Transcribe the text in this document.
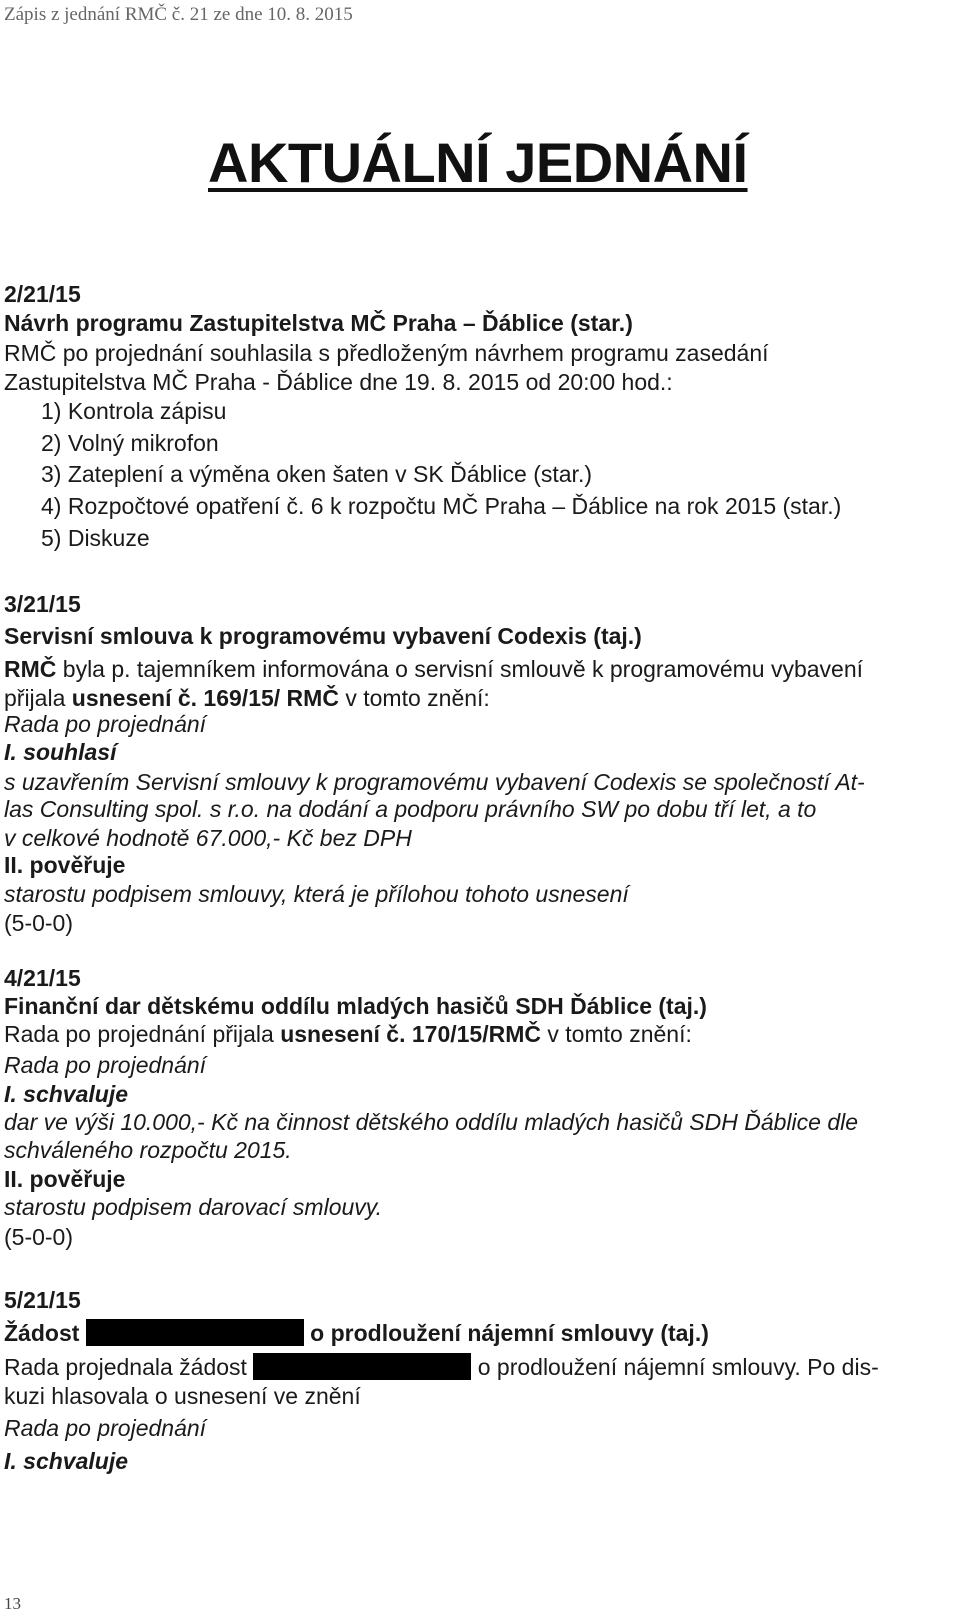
Zápis z jednání RMČ č. 21 ze dne 10. 8. 2015
AKTUÁLNÍ JEDNÁNÍ
2/21/15
Návrh programu Zastupitelstva MČ Praha – Ďáblice (star.)
RMČ po projednání souhlasila s předloženým návrhem programu zasedání
Zastupitelstva MČ Praha - Ďáblice dne 19. 8. 2015 od 20:00 hod.:
1) Kontrola zápisu
2) Volný mikrofon
3) Zateplení a výměna oken šaten v SK Ďáblice (star.)
4) Rozpočtové opatření č. 6 k rozpočtu MČ Praha – Ďáblice na rok 2015 (star.)
5) Diskuze
3/21/15
Servisní smlouva k programovému vybavení Codexis (taj.)
RMČ byla p. tajemníkem informována o servisní smlouvě k programovému vybavení
přijala usnesení č. 169/15/ RMČ v tomto znění:
Rada po projednání
I. souhlasí
s uzavřením Servisní smlouvy k programovému vybavení Codexis se společností At-
las Consulting spol. s r.o. na dodání a podporu právního SW po dobu tří let, a to
v celkové hodnotě 67.000,- Kč bez DPH
II. pověřuje
starostu podpisem smlouvy, která je přílohou tohoto usnesení
(5-0-0)
4/21/15
Finanční dar dětskému oddílu mladých hasičů SDH Ďáblice (taj.)
Rada po projednání přijala usnesení č. 170/15/RMČ v tomto znění:
Rada po projednání
I. schvaluje
dar ve výši 10.000,- Kč na činnost dětského oddílu mladých hasičů SDH Ďáblice dle
schváleného rozpočtu 2015.
II. pověřuje
starostu podpisem darovací smlouvy.
(5-0-0)
5/21/15
Žádost	o prodloužení nájemní smlouvy (taj.)
Rada projednala žádost	o prodloužení nájemní smlouvy. Po dis-
kuzi hlasovala o usnesení ve znění
Rada po projednání
I. schvaluje
13
